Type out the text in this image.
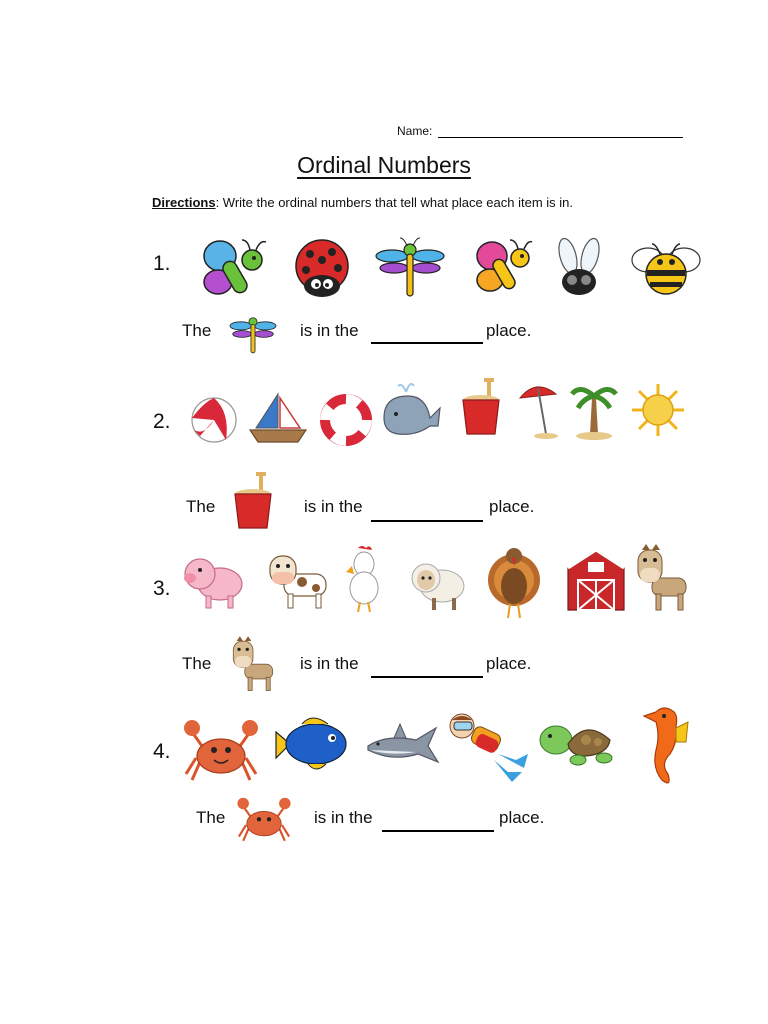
Name:
Ordinal Numbers
Directions: Write the ordinal numbers that tell what place each item is in.
1.
The	is in the	place.
2.
The	is in the	place.
3.
The	is in the	place.
4.
The	is in the	place.
